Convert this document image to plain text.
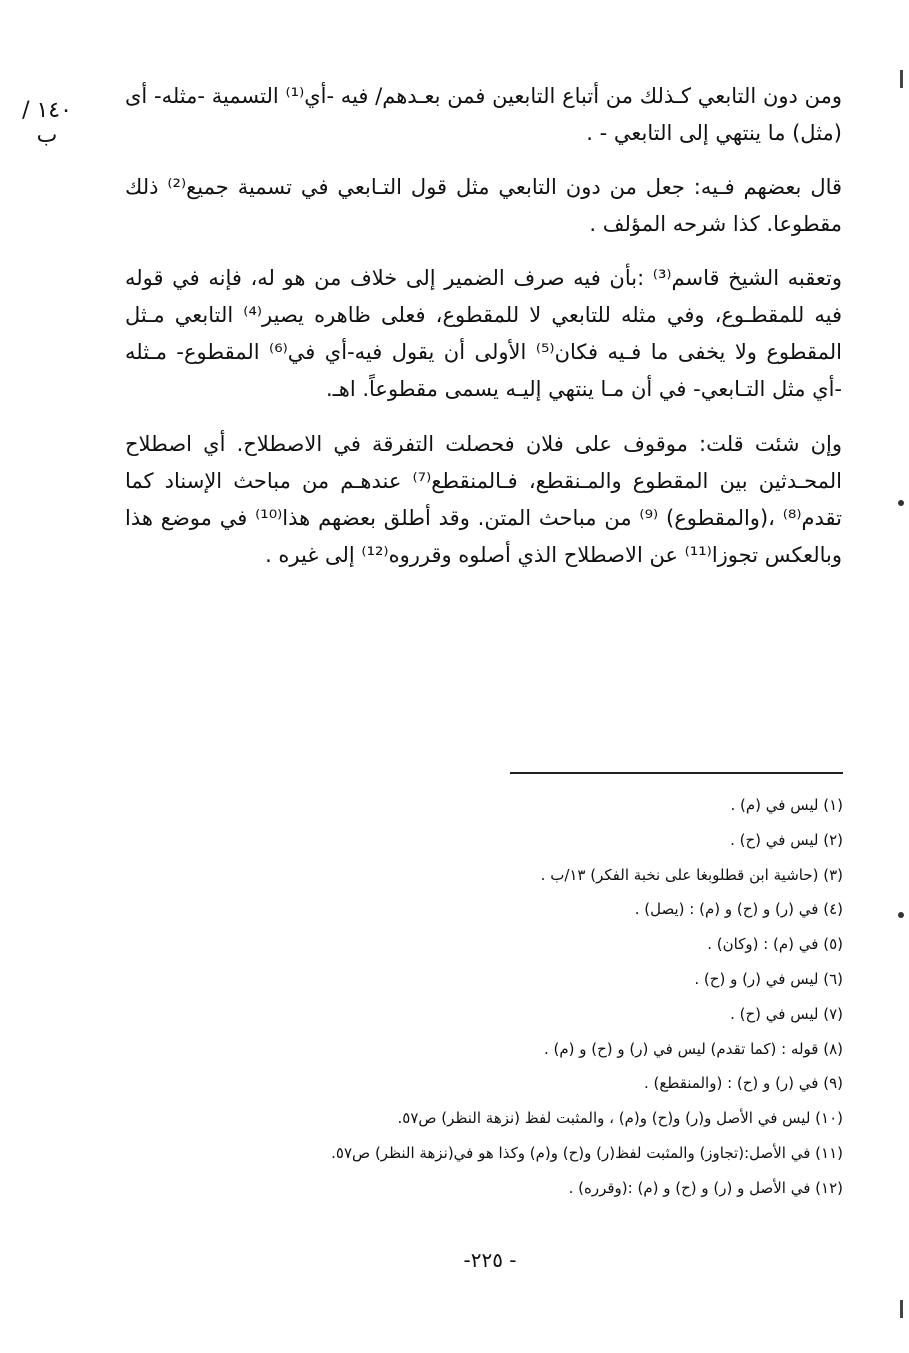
١٤٠ / ب

ومن دون التابعي كـذلك من أتباع التابعين فمن بعـدهم/ فيه -أي⁽¹⁾ التسمية -مثله- أى (مثل) ما ينتهي إلى التابعي - .

قال بعضهم فـيه: جعل من دون التابعي مثل قول التـابعي في تسمية جميع⁽²⁾ ذلك مقطوعا. كذا شرحه المؤلف .

وتعقبه الشيخ قاسم⁽³⁾ :بأن فيه صرف الضمير إلى خلاف من هو له، فإنه في قوله فيه للمقطـوع، وفي مثله للتابعي لا للمقطوع، فعلى ظاهره يصير⁽⁴⁾ التابعي مـثل المقطوع ولا يخفى ما فـيه فكان⁽⁵⁾ الأولى أن يقول فيه-أي في⁽⁶⁾ المقطوع- مـثله -أي مثل التـابعي- في أن مـا ينتهي إليـه يسمى مقطوعاً. اهـ.

وإن شئت قلت: موقوف على فلان فحصلت التفرقة في الاصطلاح. أي اصطلاح المحـدثين بين المقطوع والمـنقطع، فـالمنقطع⁽⁷⁾ عندهـم من مباحث الإسناد كما تقدم⁽⁸⁾ ،(والمقطوع) ⁽⁹⁾ من مباحث المتن. وقد أطلق بعضهم هذا⁽¹⁰⁾ في موضع هذا وبالعكس تجوزا⁽¹¹⁾ عن الاصطلاح الذي أصلوه وقرروه⁽¹²⁾ إلى غيره .

(١) ليس في (م) .
(٢) ليس في (ح) .
(٣) (حاشية ابن قطلوبغا على نخبة الفكر) ١٣/ب .
(٤) في (ر) و (ح) و (م) : (يصل) .
(٥) في (م) : (وكان) .
(٦) ليس في (ر) و (ح) .
(٧) ليس في (ح) .
(٨) قوله : (كما تقدم) ليس في (ر) و (ح) و (م) .
(٩) في (ر) و (ح) : (والمنقطع) .
(١٠) ليس في الأصل و(ر) و(ح) و(م) ، والمثبت لفظ (نزهة النظر) ص٥٧.
(١١) في الأصل:(تجاوز) والمثبت لفظ(ر) و(ح) و(م) وكذا هو في(نزهة النظر) ص٥٧.
(١٢) في الأصل و (ر) و (ح) و (م) :(وقرره) .
- ٢٢٥-
